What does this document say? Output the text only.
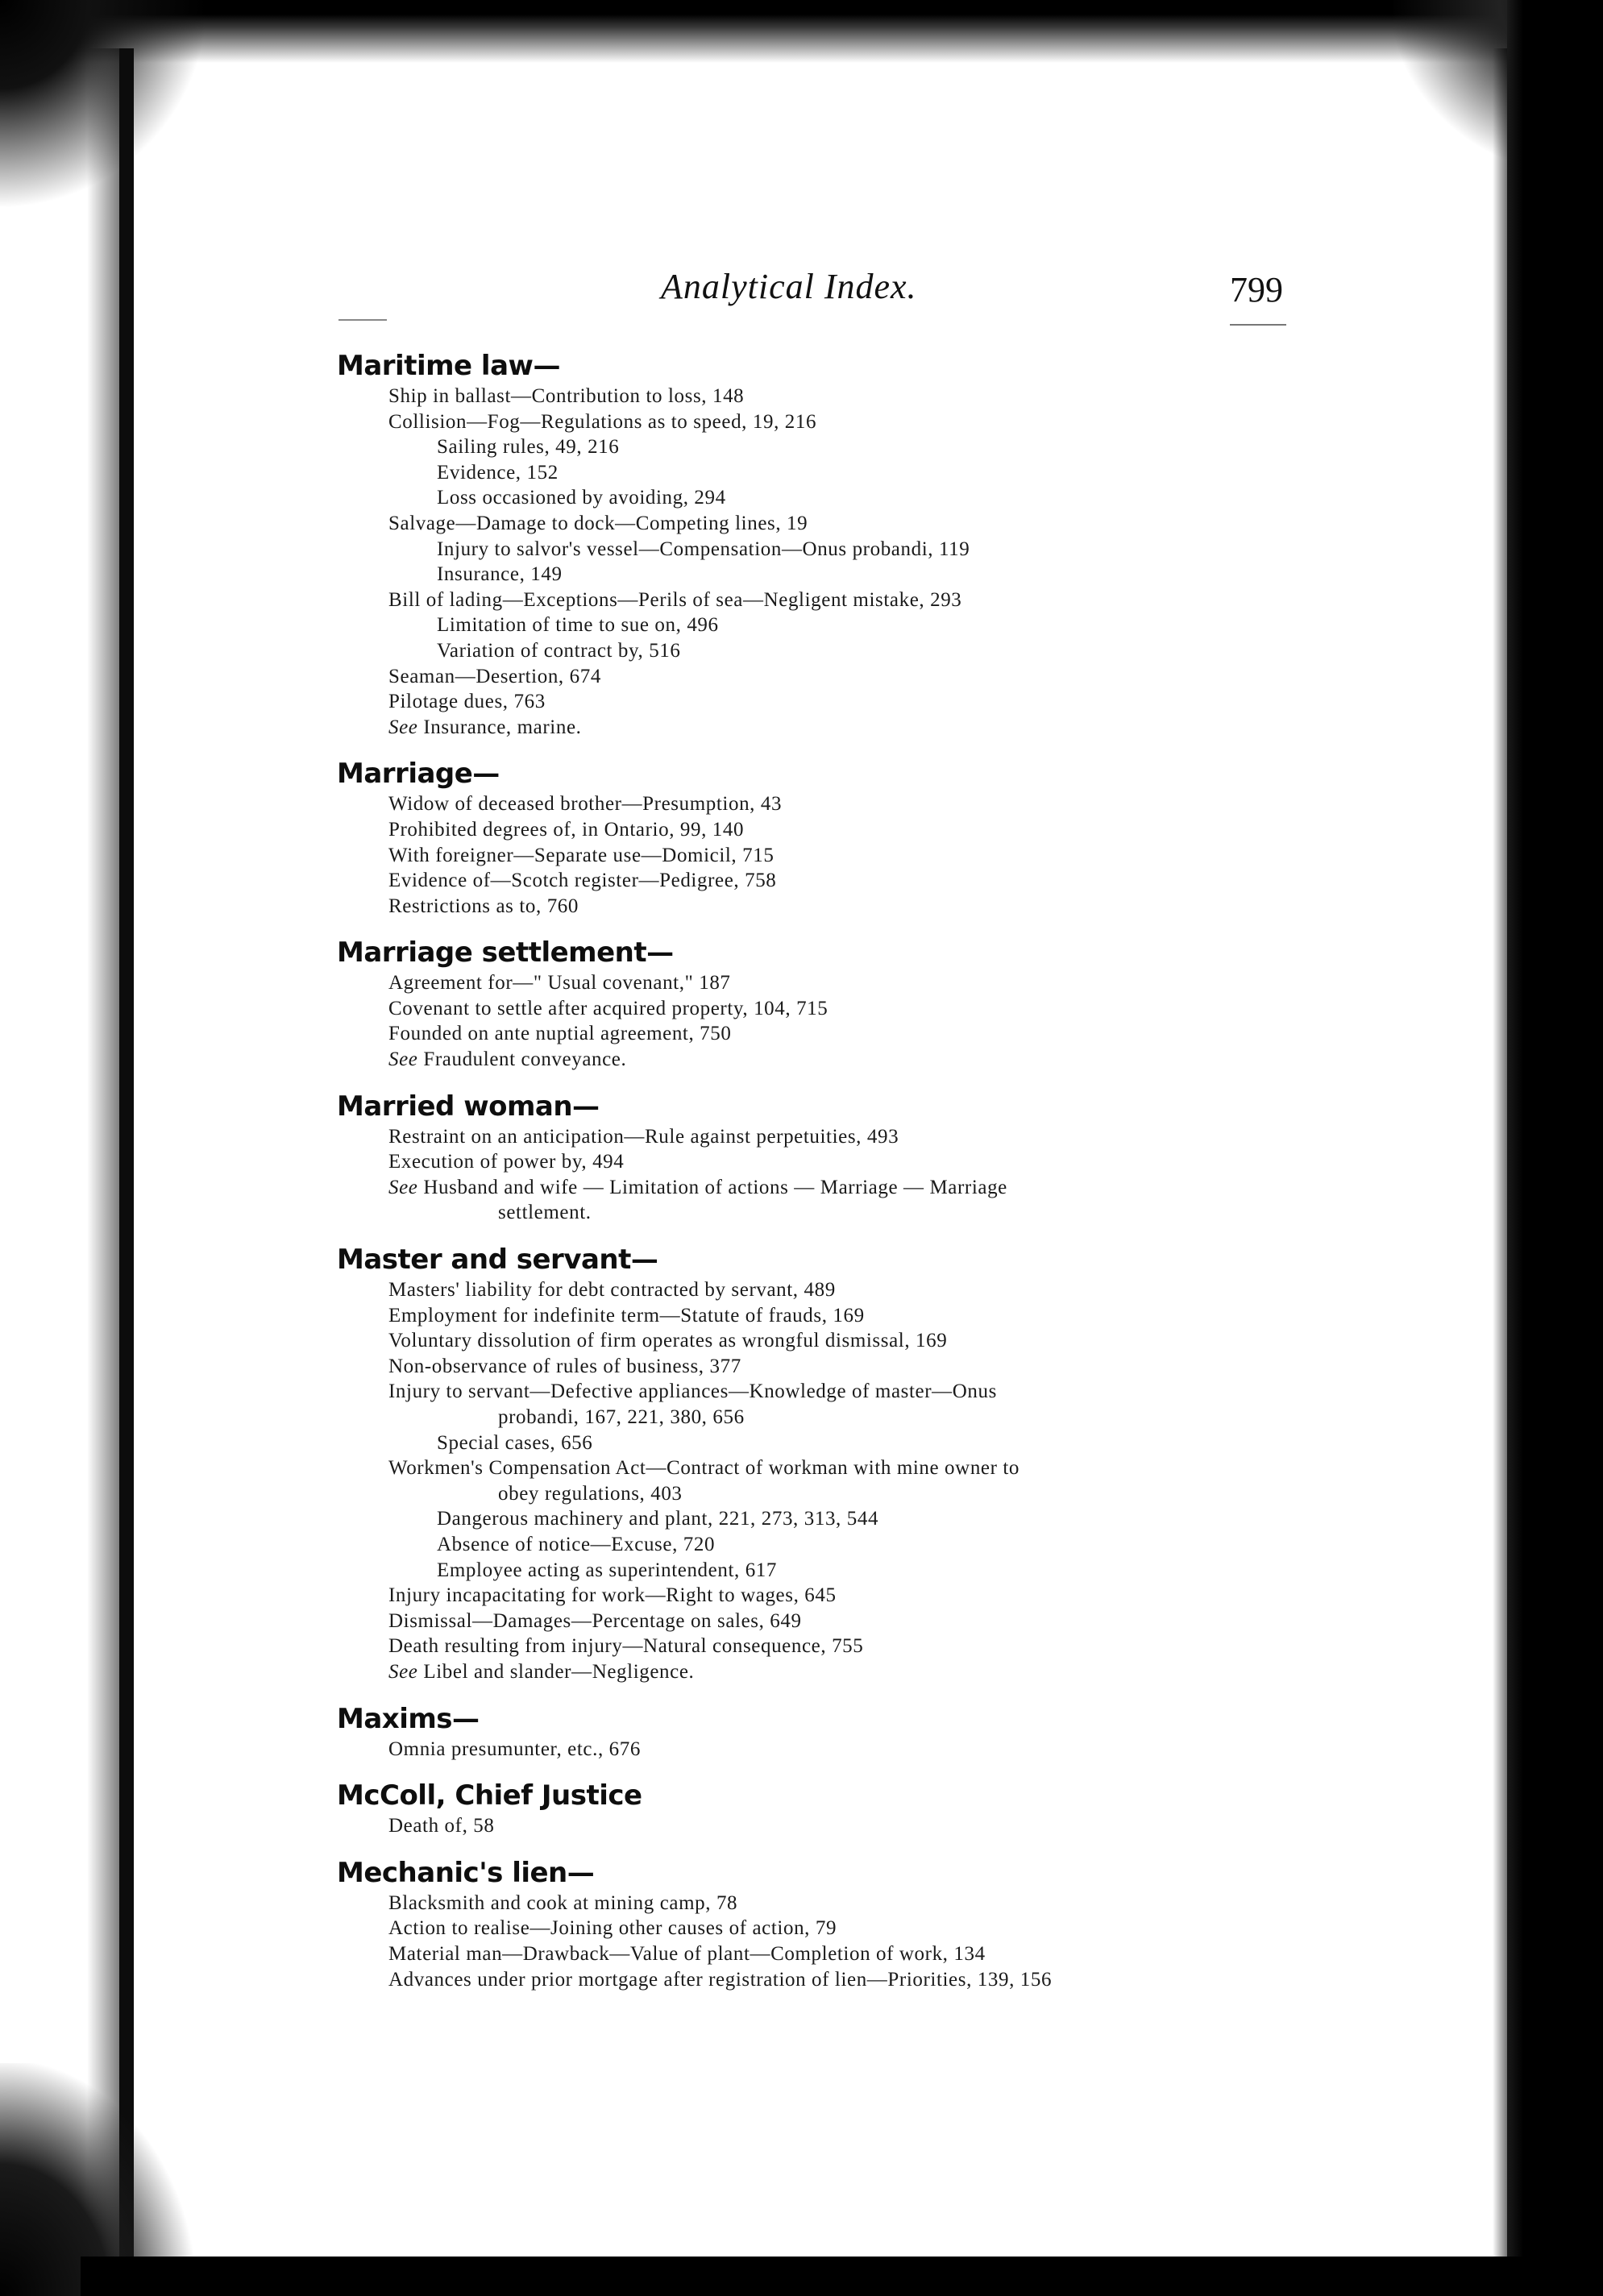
Analytical Index.	799
Maritime law—
Ship in ballast—Contribution to loss, 148
Collision—Fog—Regulations as to speed, 19, 216
Sailing rules, 49, 216
Evidence, 152
Loss occasioned by avoiding, 294
Salvage—Damage to dock—Competing lines, 19
Injury to salvor's vessel—Compensation—Onus probandi, 119
Insurance, 149
Bill of lading—Exceptions—Perils of sea—Negligent mistake, 293
Limitation of time to sue on, 496
Variation of contract by, 516
Seaman—Desertion, 674
Pilotage dues, 763
See Insurance, marine.
Marriage—
Widow of deceased brother—Presumption, 43
Prohibited degrees of, in Ontario, 99, 140
With foreigner—Separate use—Domicil, 715
Evidence of—Scotch register—Pedigree, 758
Restrictions as to, 760
Marriage settlement—
Agreement for—" Usual covenant," 187
Covenant to settle after acquired property, 104, 715
Founded on ante nuptial agreement, 750
See Fraudulent conveyance.
Married woman—
Restraint on an anticipation—Rule against perpetuities, 493
Execution of power by, 494
See Husband and wife — Limitation of actions — Marriage — Marriage
settlement.
Master and servant—
Masters' liability for debt contracted by servant, 489
Employment for indefinite term—Statute of frauds, 169
Voluntary dissolution of firm operates as wrongful dismissal, 169
Non-observance of rules of business, 377
Injury to servant—Defective appliances—Knowledge of master—Onus
probandi, 167, 221, 380, 656
Special cases, 656
Workmen's Compensation Act—Contract of workman with mine owner to
obey regulations, 403
Dangerous machinery and plant, 221, 273, 313, 544
Absence of notice—Excuse, 720
Employee acting as superintendent, 617
Injury incapacitating for work—Right to wages, 645
Dismissal—Damages—Percentage on sales, 649
Death resulting from injury—Natural consequence, 755
See Libel and slander—Negligence.
Maxims—
Omnia presumunter, etc., 676
McColl, Chief Justice
Death of, 58
Mechanic's lien—
Blacksmith and cook at mining camp, 78
Action to realise—Joining other causes of action, 79
Material man—Drawback—Value of plant—Completion of work, 134
Advances under prior mortgage after registration of lien—Priorities, 139, 156
